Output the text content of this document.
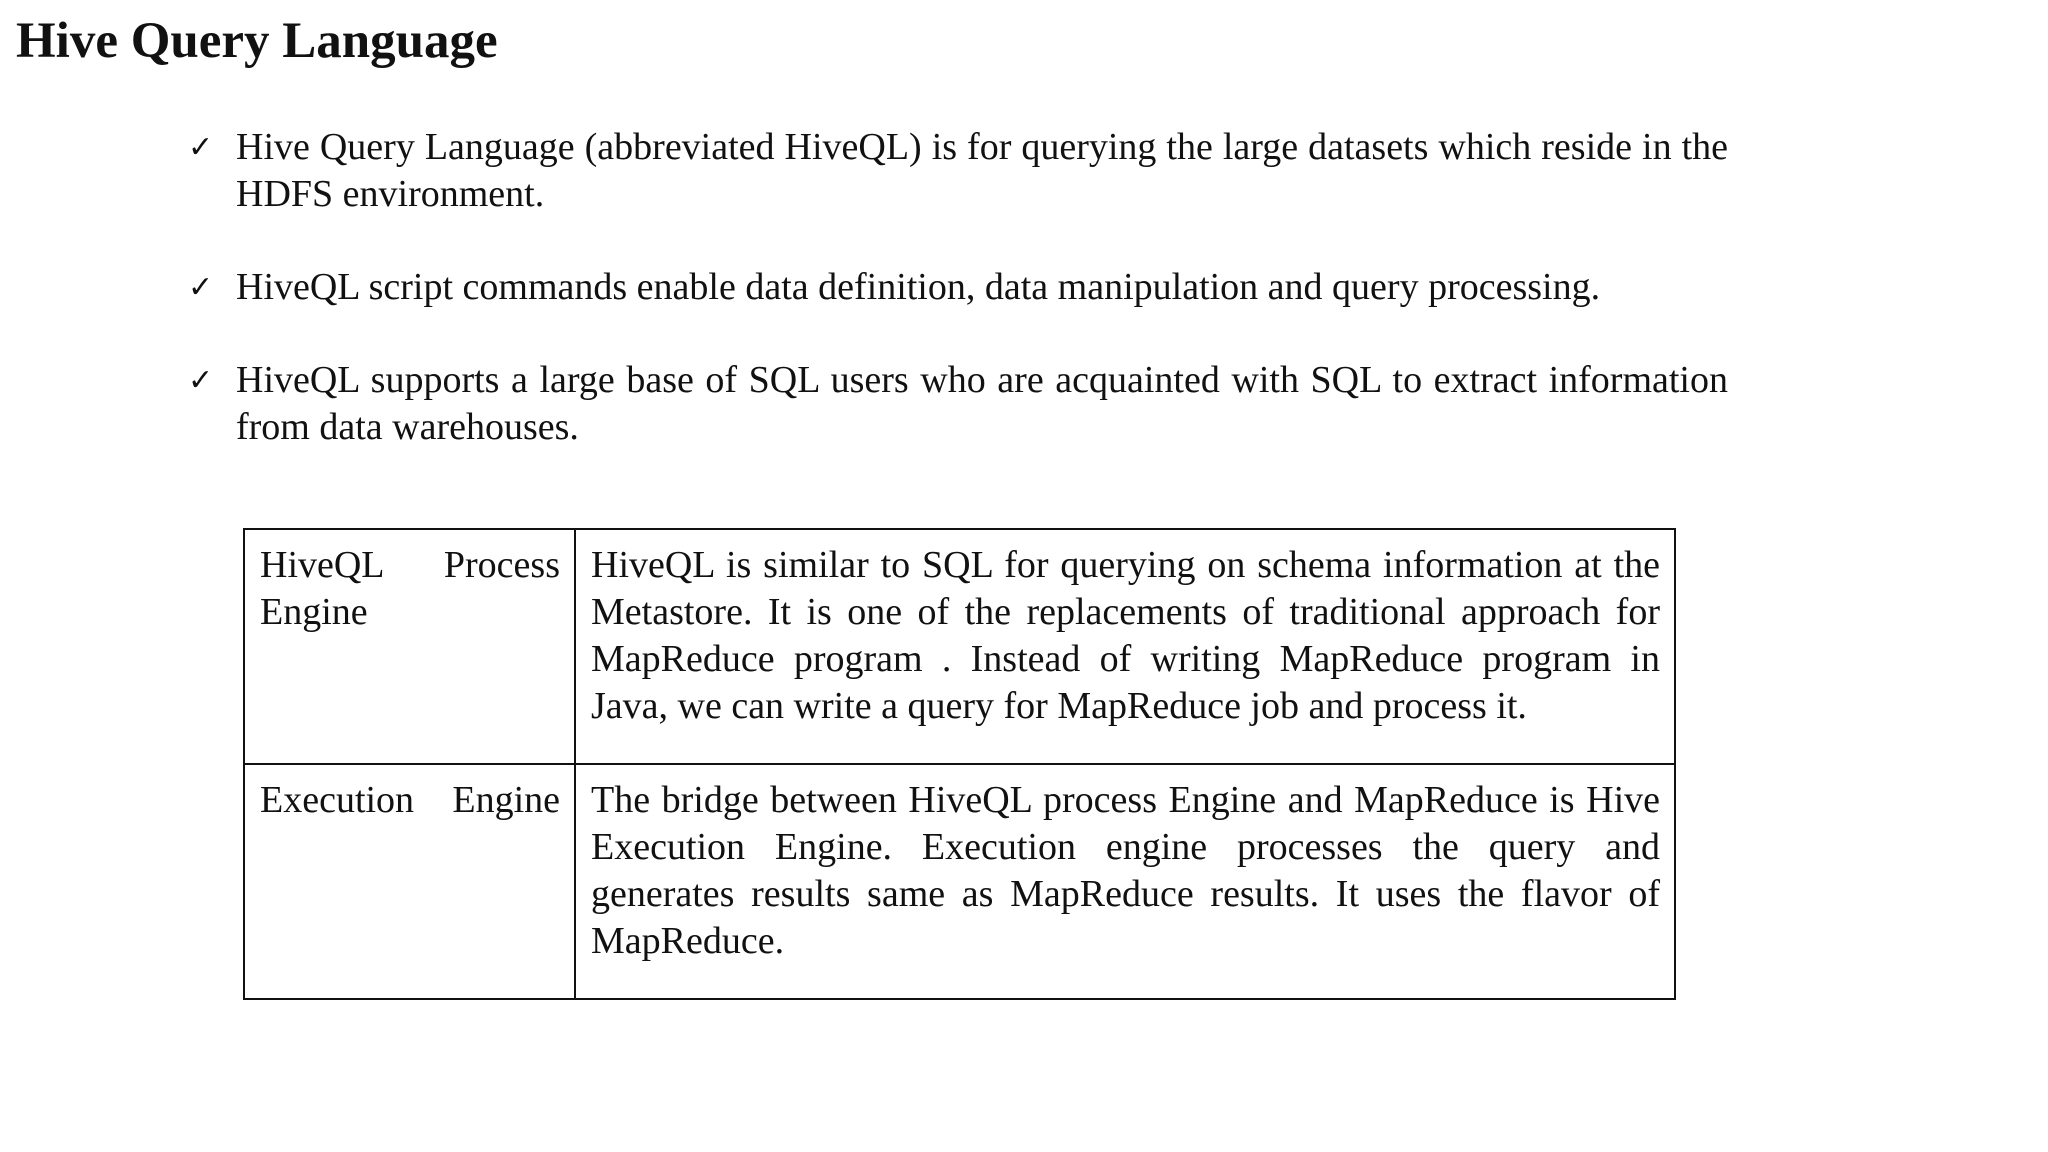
Hive Query Language
✓ Hive Query Language (abbreviated HiveQL) is for querying the large datasets which reside in the HDFS environment.
✓ HiveQL script commands enable data definition, data manipulation and query processing.
✓ HiveQL supports a large base of SQL users who are acquainted with SQL to extract information from data warehouses.
HiveQL Process
Engine	HiveQL is similar to SQL for querying on schema information at the Metastore. It is one of the replacements of traditional approach for MapReduce program . Instead of writing MapReduce program in Java, we can write a query for MapReduce job and process it.

Execution Engine	The bridge between HiveQL process Engine and MapReduce is Hive Execution Engine. Execution engine processes the query and generates results same as MapReduce results. It uses the flavor of MapReduce.
